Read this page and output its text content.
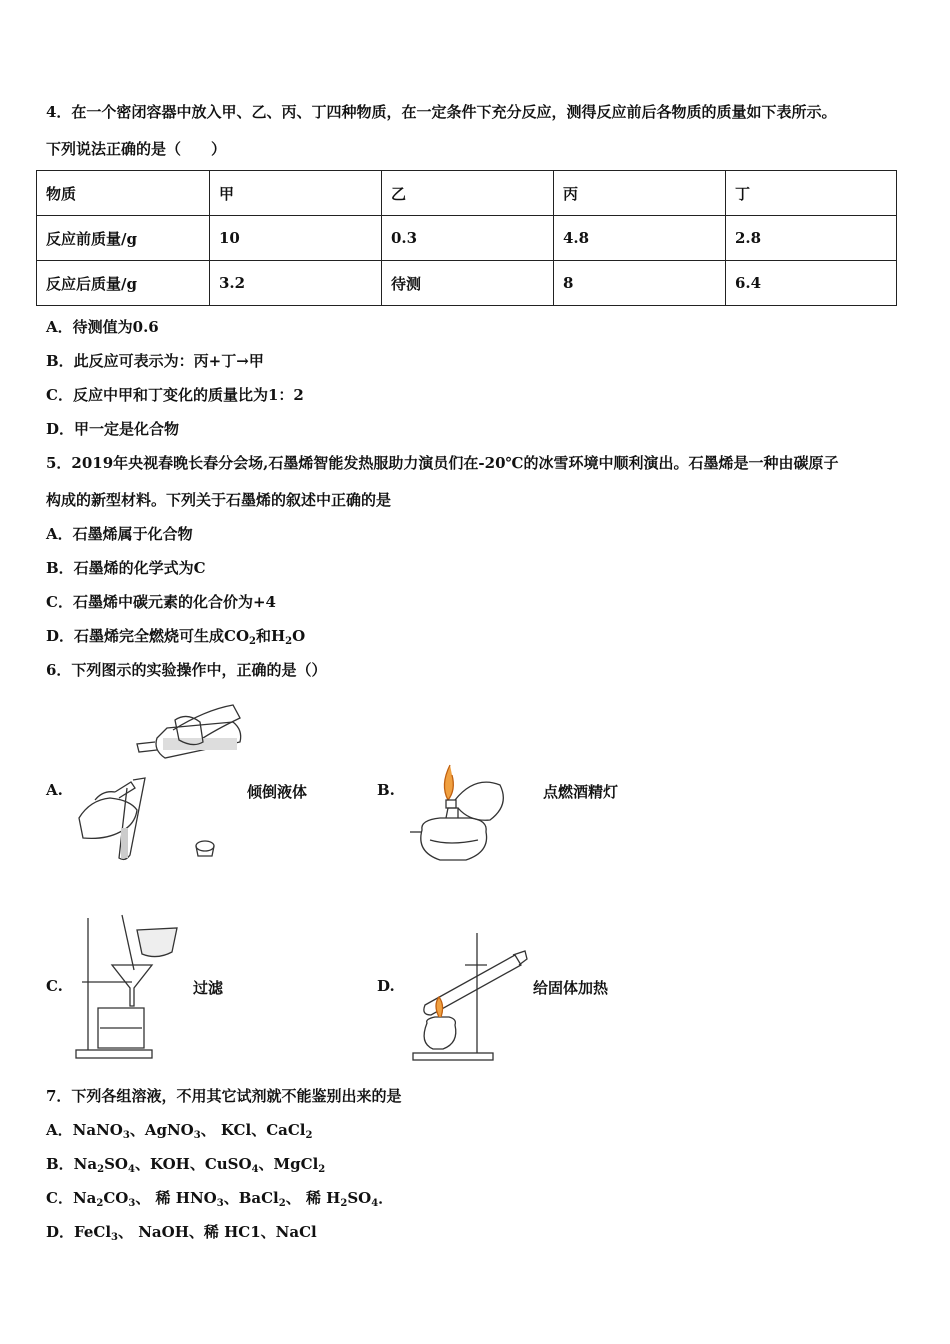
4．在一个密闭容器中放入甲、乙、丙、丁四种物质，在一定条件下充分反应，测得反应前后各物质的质量如下表所示。
下列说法正确的是（　　）
物质	甲	乙	丙	丁
反应前质量/g	10	0.3	4.8	2.8
反应后质量/g	3.2	待测	8	6.4
A．待测值为0.6
B．此反应可表示为：丙+丁→甲
C．反应中甲和丁变化的质量比为1：2
D．甲一定是化合物
5．2019年央视春晚长春分会场,石墨烯智能发热服助力演员们在-20℃的冰雪环境中顺利演出。石墨烯是一种由碳原子
构成的新型材料。下列关于石墨烯的叙述中正确的是
A．石墨烯属于化合物
B．石墨烯的化学式为C
C．石墨烯中碳元素的化合价为+4
D．石墨烯完全燃烧可生成$CO_2$和$H_2O$
6．下列图示的实验操作中，正确的是（）
A.	倾倒液体	B.	点燃酒精灯
C.	过滤	D.	给固体加热
7．下列各组溶液，不用其它试剂就不能鉴别出来的是
A．NaNO$_3$、AgNO$_3$、 KCl、CaCl$_2$
B．$Na_2SO_4$、KOH、CuSO$_4$、MgCl$_2$
C．$Na_2CO_3$、 稀 $HNO_3$、BaCl$_2$、 稀 $H_2SO_4$．
D．FeCl$_3$、 NaOH、稀 HC1、NaCl
